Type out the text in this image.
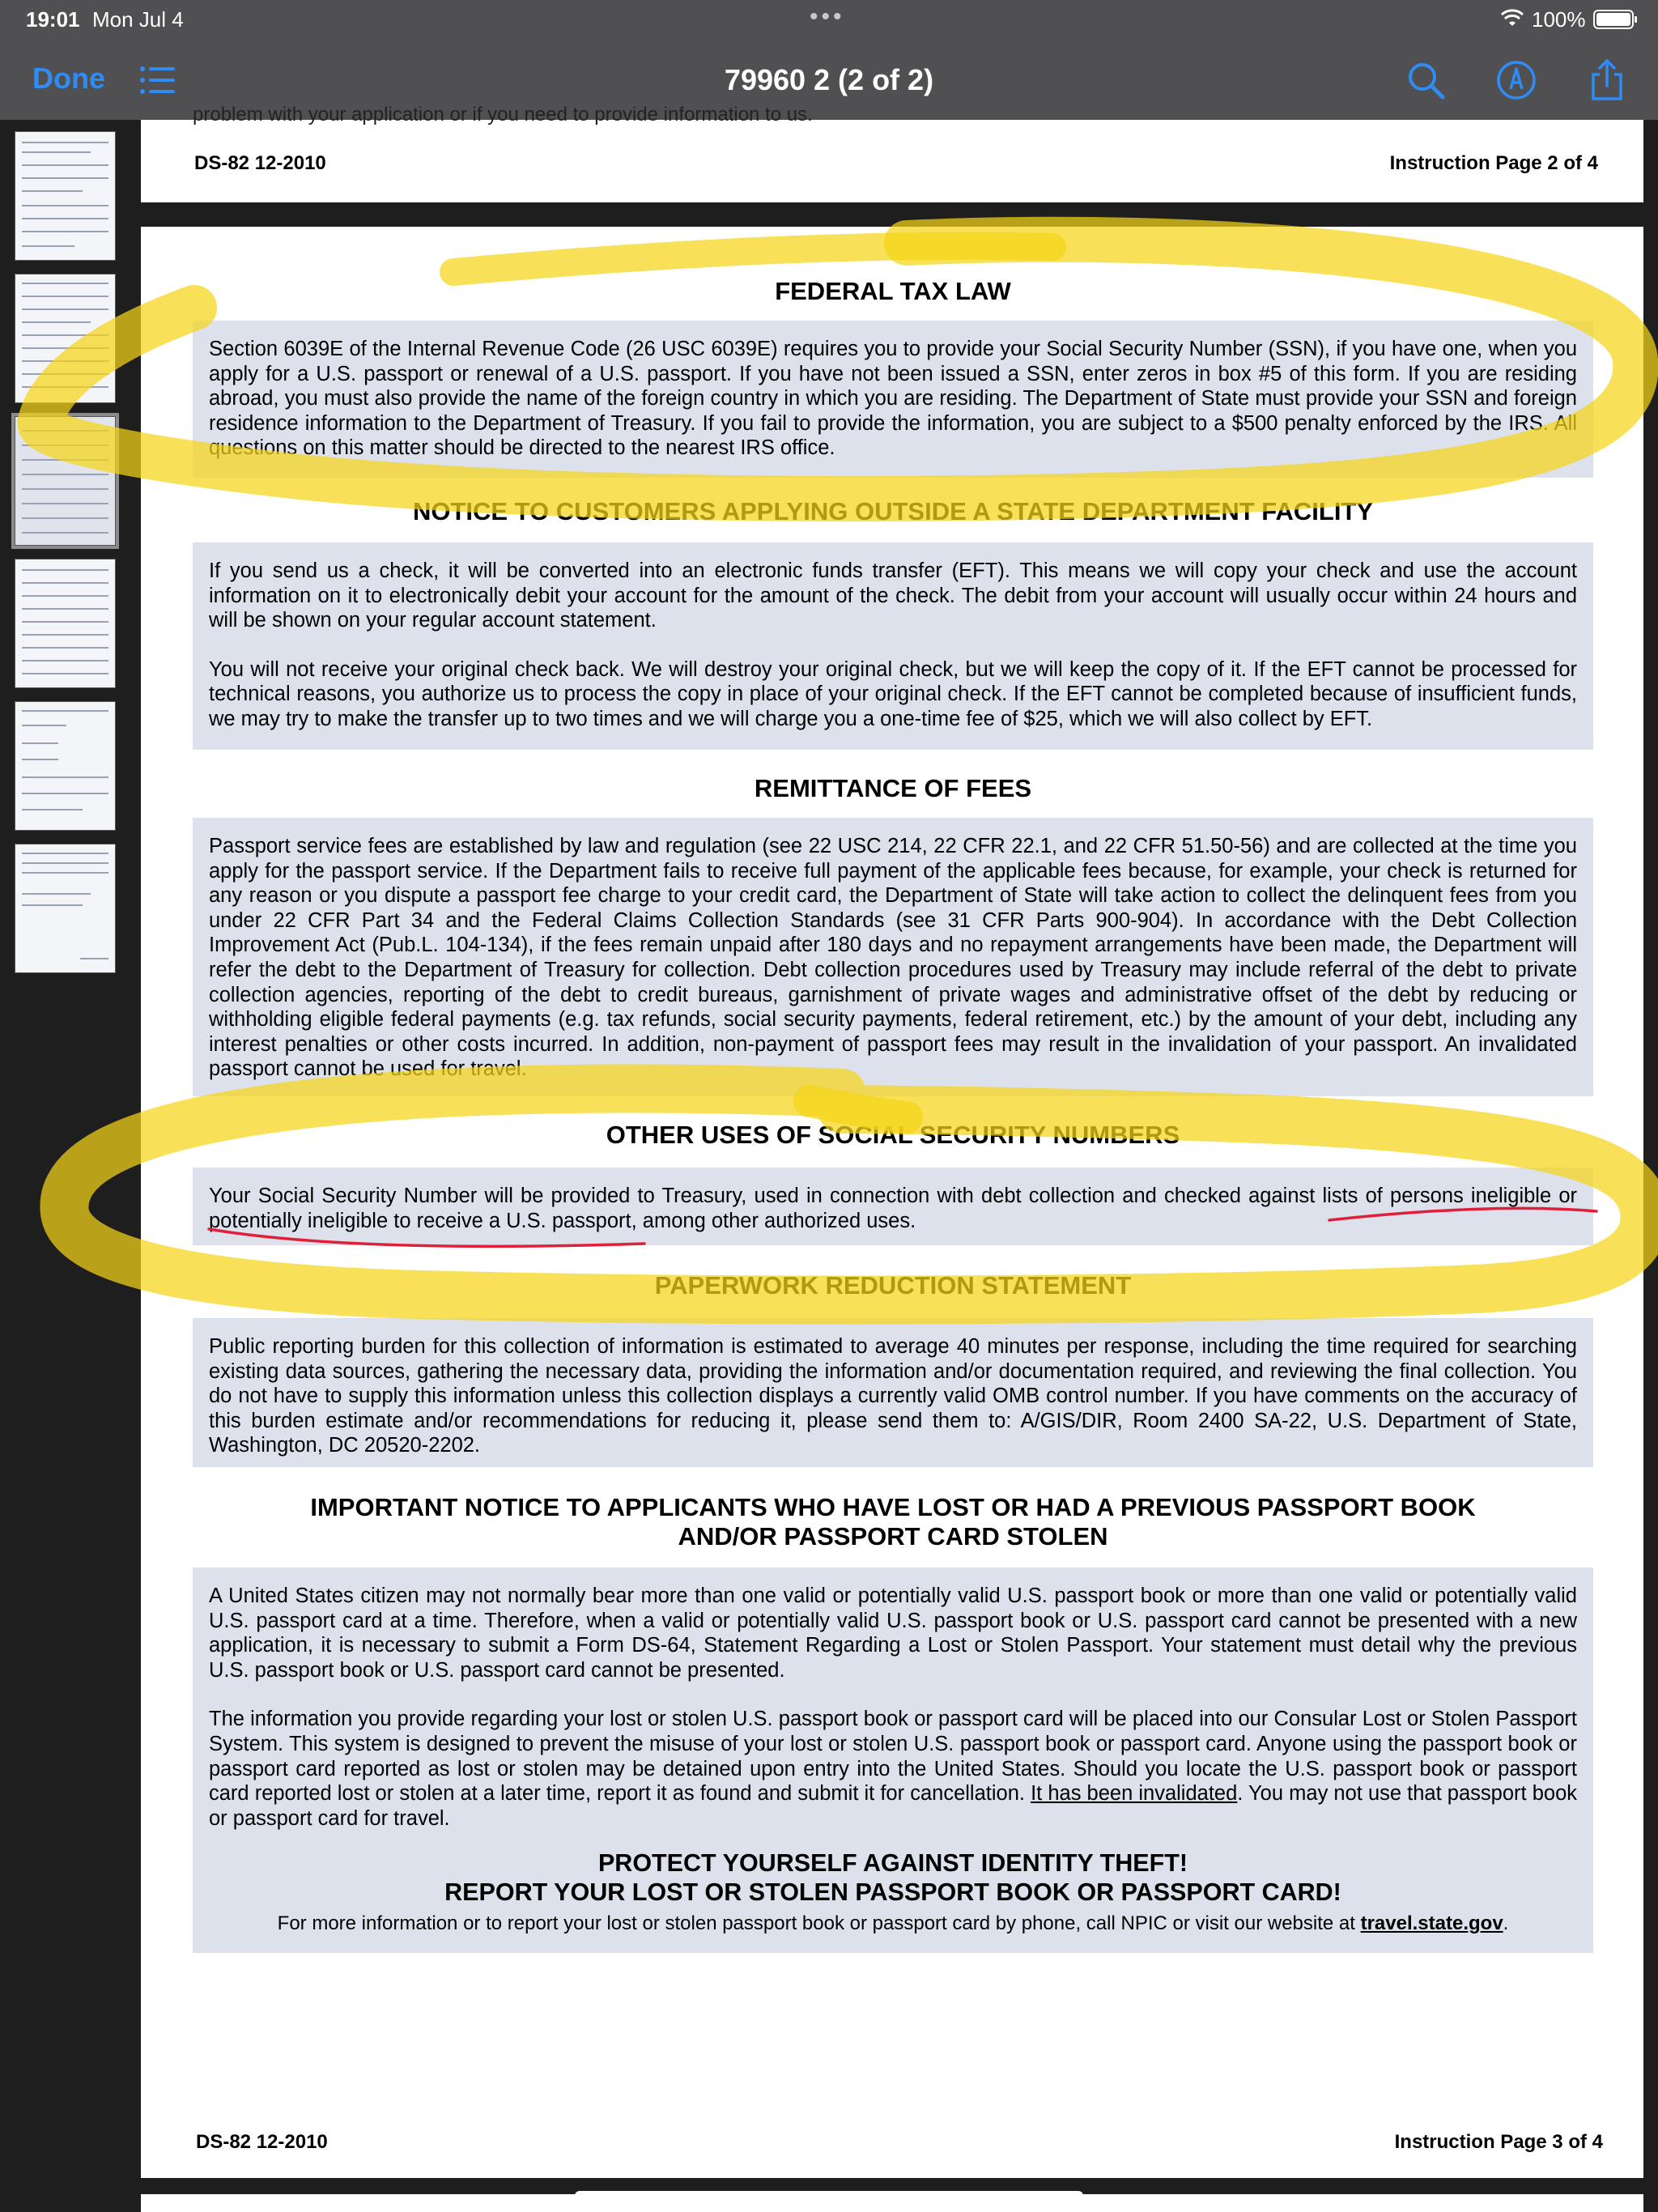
19:01 Mon Jul 4	•••	100%
Done	79960 2 (2 of 2)
problem with your application or if you need to provide information to us.
DS-82 12-2010	Instruction Page 2 of 4
FEDERAL TAX LAW

Section 6039E of the Internal Revenue Code (26 USC 6039E) requires you to provide your Social Security Number (SSN), if you have one, when you apply for a U.S. passport or renewal of a U.S. passport. If you have not been issued a SSN, enter zeros in box #5 of this form. If you are residing abroad, you must also provide the name of the foreign country in which you are residing. The Department of State must provide your SSN and foreign residence information to the Department of Treasury. If you fail to provide the information, you are subject to a $500 penalty enforced by the IRS. All questions on this matter should be directed to the nearest IRS office.

NOTICE TO CUSTOMERS APPLYING OUTSIDE A STATE DEPARTMENT FACILITY

If you send us a check, it will be converted into an electronic funds transfer (EFT). This means we will copy your check and use the account information on it to electronically debit your account for the amount of the check. The debit from your account will usually occur within 24 hours and will be shown on your regular account statement.

You will not receive your original check back. We will destroy your original check, but we will keep the copy of it. If the EFT cannot be processed for technical reasons, you authorize us to process the copy in place of your original check. If the EFT cannot be completed because of insufficient funds, we may try to make the transfer up to two times and we will charge you a one-time fee of $25, which we will also collect by EFT.

REMITTANCE OF FEES

Passport service fees are established by law and regulation (see 22 USC 214, 22 CFR 22.1, and 22 CFR 51.50-56) and are collected at the time you apply for the passport service. If the Department fails to receive full payment of the applicable fees because, for example, your check is returned for any reason or you dispute a passport fee charge to your credit card, the Department of State will take action to collect the delinquent fees from you under 22 CFR Part 34 and the Federal Claims Collection Standards (see 31 CFR Parts 900-904). In accordance with the Debt Collection Improvement Act (Pub.L. 104-134), if the fees remain unpaid after 180 days and no repayment arrangements have been made, the Department will refer the debt to the Department of Treasury for collection. Debt collection procedures used by Treasury may include referral of the debt to private collection agencies, reporting of the debt to credit bureaus, garnishment of private wages and administrative offset of the debt by reducing or withholding eligible federal payments (e.g. tax refunds, social security payments, federal retirement, etc.) by the amount of your debt, including any interest penalties or other costs incurred. In addition, non-payment of passport fees may result in the invalidation of your passport. An invalidated passport cannot be used for travel.

OTHER USES OF SOCIAL SECURITY NUMBERS

Your Social Security Number will be provided to Treasury, used in connection with debt collection and checked against lists of persons ineligible or potentially ineligible to receive a U.S. passport, among other authorized uses.

PAPERWORK REDUCTION STATEMENT

Public reporting burden for this collection of information is estimated to average 40 minutes per response, including the time required for searching existing data sources, gathering the necessary data, providing the information and/or documentation required, and reviewing the final collection. You do not have to supply this information unless this collection displays a currently valid OMB control number. If you have comments on the accuracy of this burden estimate and/or recommendations for reducing it, please send them to: A/GIS/DIR, Room 2400 SA-22, U.S. Department of State, Washington, DC 20520-2202.

IMPORTANT NOTICE TO APPLICANTS WHO HAVE LOST OR HAD A PREVIOUS PASSPORT BOOK
AND/OR PASSPORT CARD STOLEN

A United States citizen may not normally bear more than one valid or potentially valid U.S. passport book or more than one valid or potentially valid U.S. passport card at a time. Therefore, when a valid or potentially valid U.S. passport book or U.S. passport card cannot be presented with a new application, it is necessary to submit a Form DS-64, Statement Regarding a Lost or Stolen Passport. Your statement must detail why the previous U.S. passport book or U.S. passport card cannot be presented.

The information you provide regarding your lost or stolen U.S. passport book or passport card will be placed into our Consular Lost or Stolen Passport System. This system is designed to prevent the misuse of your lost or stolen U.S. passport book or passport card. Anyone using the passport book or passport card reported as lost or stolen may be detained upon entry into the United States. Should you locate the U.S. passport book or passport card reported lost or stolen at a later time, report it as found and submit it for cancellation. It has been invalidated. You may not use that passport book or passport card for travel.

PROTECT YOURSELF AGAINST IDENTITY THEFT!
REPORT YOUR LOST OR STOLEN PASSPORT BOOK OR PASSPORT CARD!
For more information or to report your lost or stolen passport book or passport card by phone, call NPIC or visit our website at travel.state.gov.
DS-82 12-2010	Instruction Page 3 of 4
